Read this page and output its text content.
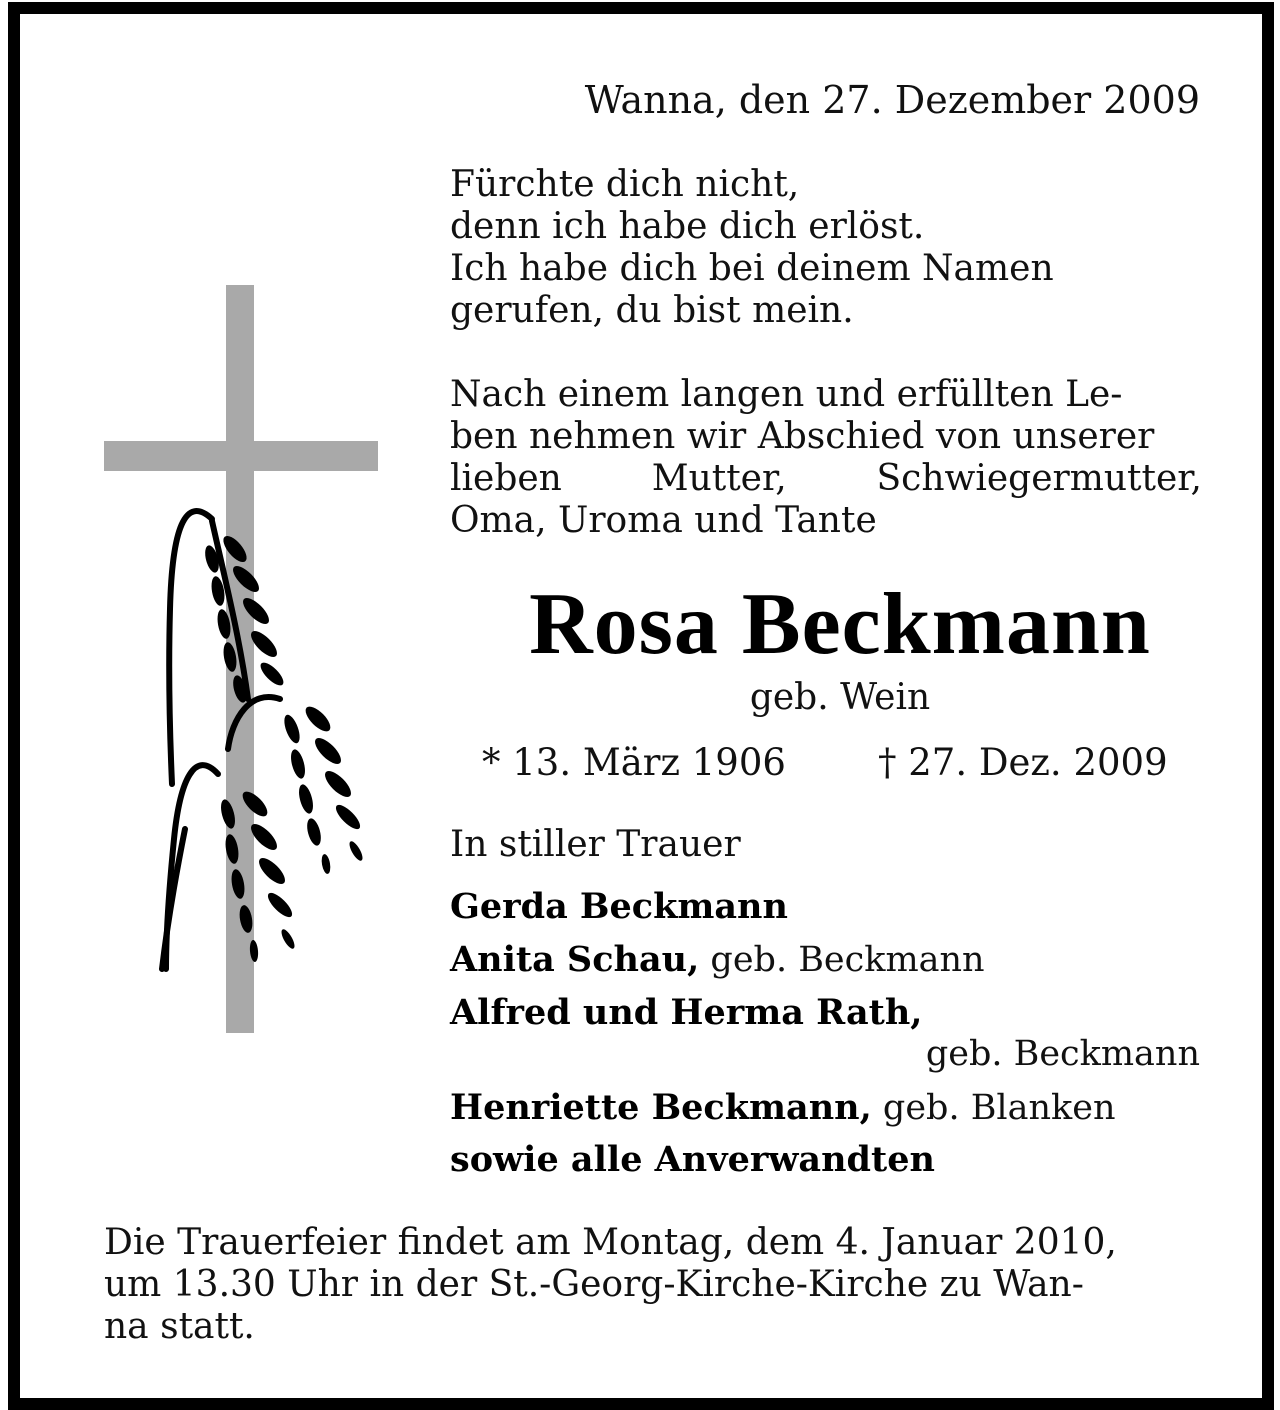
Wanna, den 27. Dezember 2009
Fürchte dich nicht,
denn ich habe dich erlöst.
Ich habe dich bei deinem Namen
gerufen, du bist mein.
Nach einem langen und erfüllten Le-
ben nehmen wir Abschied von unserer
lieben Mutter, Schwiegermutter,
Oma, Uroma und Tante
Rosa Beckmann
geb. Wein
* 13. März 1906 † 27. Dez. 2009
In stiller Trauer
Gerda Beckmann
Anita Schau, geb. Beckmann
Alfred und Herma Rath,
geb. Beckmann
Henriette Beckmann, geb. Blanken
sowie alle Anverwandten
Die Trauerfeier findet am Montag, dem 4. Januar 2010,
um 13.30 Uhr in der St.-Georg-Kirche-Kirche zu Wan-
na statt.
